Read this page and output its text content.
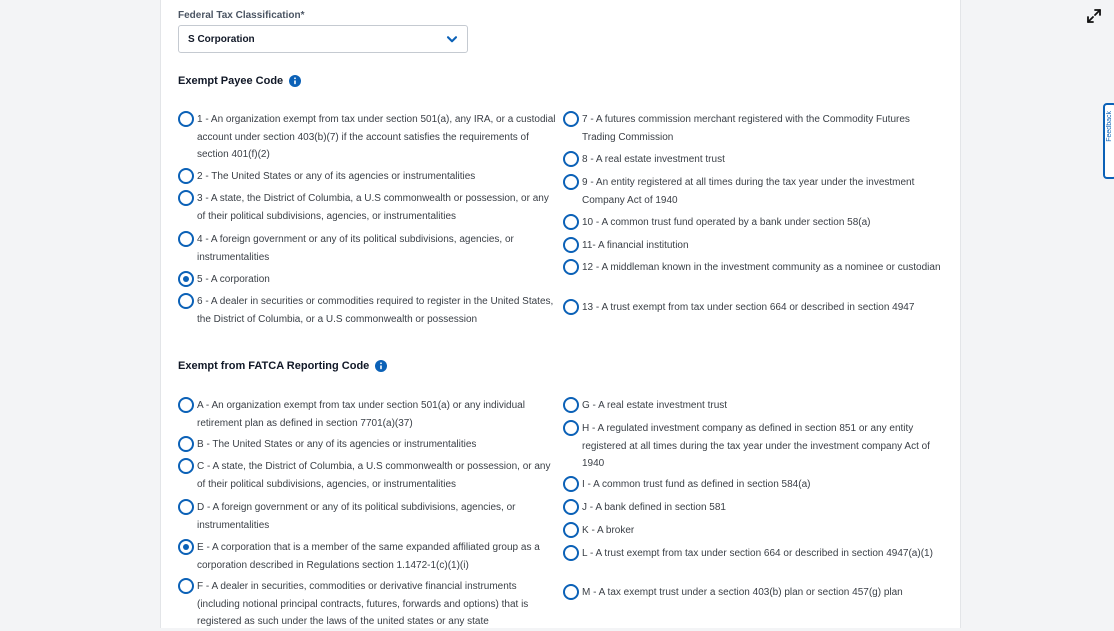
Federal Tax Classification*
S Corporation
Exempt Payee Code
1 - An organization exempt from tax under section 501(a), any IRA, or a custodial account under section 403(b)(7) if the account satisfies the requirements of section 401(f)(2)
2 - The United States or any of its agencies or instrumentalities
3 - A state, the District of Columbia, a U.S commonwealth or possession, or any of their political subdivisions, agencies, or instrumentalities
4 - A foreign government or any of its political subdivisions, agencies, or instrumentalities
5 - A corporation
6 - A dealer in securities or commodities required to register in the United States, the District of Columbia, or a U.S commonwealth or possession
7 - A futures commission merchant registered with the Commodity Futures Trading Commission
8 - A real estate investment trust
9 - An entity registered at all times during the tax year under the investment Company Act of 1940
10 - A common trust fund operated by a bank under section 58(a)
11- A financial institution
12 - A middleman known in the investment community as a nominee or custodian
13 - A trust exempt from tax under section 664 or described in section 4947
Exempt from FATCA Reporting Code
A - An organization exempt from tax under section 501(a) or any individual retirement plan as defined in section 7701(a)(37)
B - The United States or any of its agencies or instrumentalities
C - A state, the District of Columbia, a U.S commonwealth or possession, or any of their political subdivisions, agencies, or instrumentalities
D - A foreign government or any of its political subdivisions, agencies, or instrumentalities
E - A corporation that is a member of the same expanded affiliated group as a corporation described in Regulations section 1.1472-1(c)(1)(i)
F - A dealer in securities, commodities or derivative financial instruments (including notional principal contracts, futures, forwards and options) that is registered as such under the laws of the united states or any state
G - A real estate investment trust
H - A regulated investment company as defined in section 851 or any entity registered at all times during the tax year under the investment company Act of 1940
I - A common trust fund as defined in section 584(a)
J - A bank defined in section 581
K - A broker
L - A trust exempt from tax under section 664 or described in section 4947(a)(1)
M - A tax exempt trust under a section 403(b) plan or section 457(g) plan
Feedback
